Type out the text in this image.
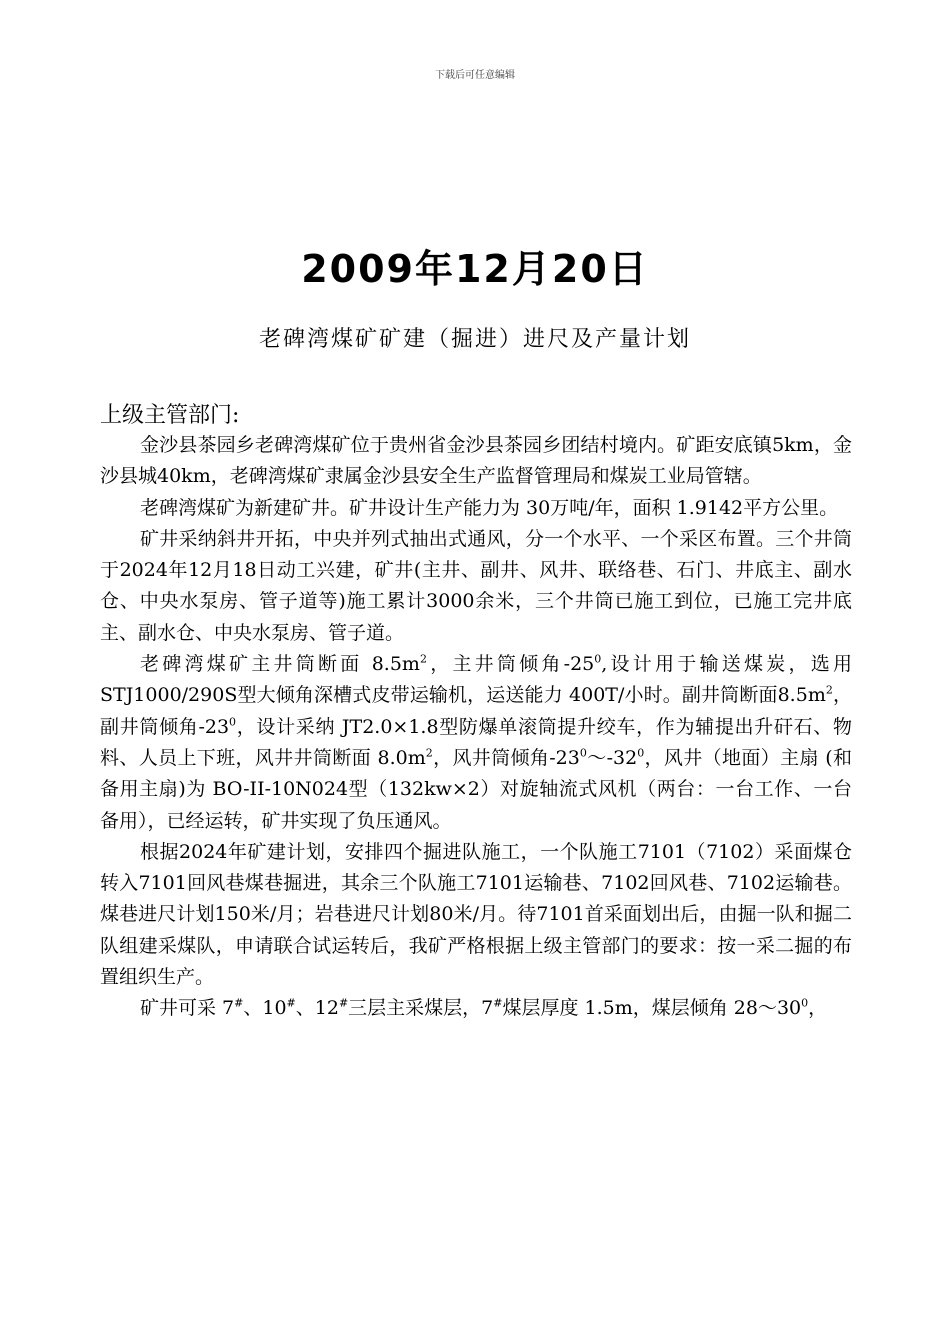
下载后可任意编辑
2009年12月20日
老碑湾煤矿矿建（掘进）进尺及产量计划
上级主管部门:

金沙县茶园乡老碑湾煤矿位于贵州省金沙县茶园乡团结村境内。矿距安底镇5km，金沙县城40km，老碑湾煤矿隶属金沙县安全生产监督管理局和煤炭工业局管辖。

老碑湾煤矿为新建矿井。矿井设计生产能力为 30万吨/年，面积 1.9142平方公里。

矿井采纳斜井开拓，中央并列式抽出式通风，分一个水平、一个采区布置。三个井筒于2024年12月18日动工兴建，矿井(主井、副井、风井、联络巷、石门、井底主、副水仓、中央水泵房、管子道等)施工累计3000余米，三个井筒已施工到位，已施工完井底主、副水仓、中央水泵房、管子道。

老碑湾煤矿主井筒断面 $8.5m^2$，主井筒倾角$-25^0$,设计用于输送煤炭，选用STJ1000/290S型大倾角深槽式皮带运输机，运送能力 400T/小时。副井筒断面$8.5m^2$，副井筒倾角$-23^0$，设计采纳 JT2.0×1.8型防爆单滚筒提升绞车，作为辅提出升矸石、物料、人员上下班，风井井筒断面 $8.0m^2$，风井筒倾角$-23^0\sim-32^0$，风井（地面）主扇 (和备用主扇)为 BO-II-10N024型（132kw×2）对旋轴流式风机（两台：一台工作、一台备用），已经运转，矿井实现了负压通风。

根据2024年矿建计划，安排四个掘进队施工，一个队施工7101（7102）采面煤仓转入7101回风巷煤巷掘进，其余三个队施工7101运输巷、7102回风巷、7102运输巷。煤巷进尺计划150米/月；岩巷进尺计划80米/月。待7101首采面划出后，由掘一队和掘二队组建采煤队，申请联合试运转后，我矿严格根据上级主管部门的要求：按一采二掘的布置组织生产。

矿井可采 7#、10#、12#三层主采煤层，7#煤层厚度 1.5m，煤层倾角 $28\sim 30^0$，
